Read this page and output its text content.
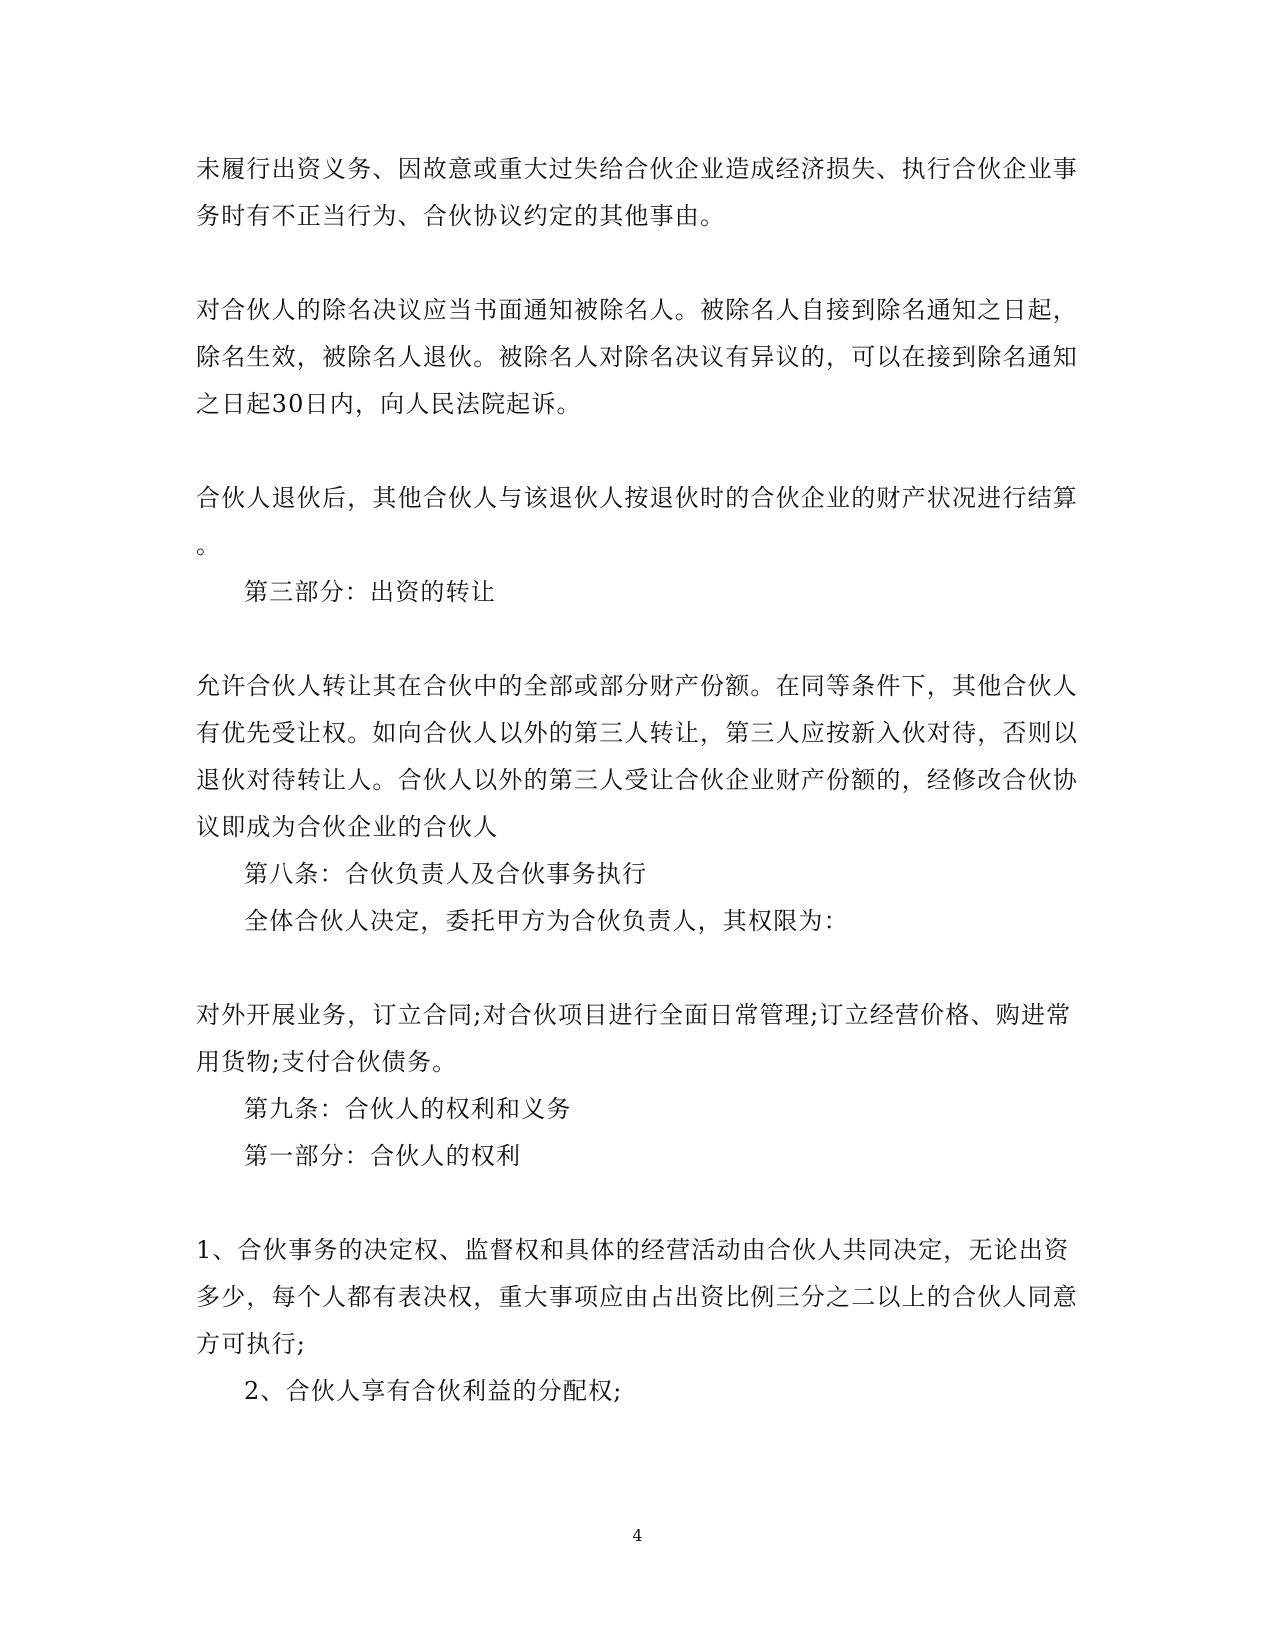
未履行出资义务、因故意或重大过失给合伙企业造成经济损失、执行合伙企业事
务时有不正当行为、合伙协议约定的其他事由。
对合伙人的除名决议应当书面通知被除名人。被除名人自接到除名通知之日起，
除名生效，被除名人退伙。被除名人对除名决议有异议的，可以在接到除名通知
之日起30日内，向人民法院起诉。
合伙人退伙后，其他合伙人与该退伙人按退伙时的合伙企业的财产状况进行结算
。
第三部分：出资的转让
允许合伙人转让其在合伙中的全部或部分财产份额。在同等条件下，其他合伙人
有优先受让权。如向合伙人以外的第三人转让，第三人应按新入伙对待，否则以
退伙对待转让人。合伙人以外的第三人受让合伙企业财产份额的，经修改合伙协
议即成为合伙企业的合伙人
第八条：合伙负责人及合伙事务执行
全体合伙人决定，委托甲方为合伙负责人，其权限为：
对外开展业务，订立合同;对合伙项目进行全面日常管理;订立经营价格、购进常
用货物;支付合伙债务。
第九条：合伙人的权利和义务
第一部分：合伙人的权利
1、合伙事务的决定权、监督权和具体的经营活动由合伙人共同决定，无论出资
多少，每个人都有表决权，重大事项应由占出资比例三分之二以上的合伙人同意
方可执行;
2、合伙人享有合伙利益的分配权;
4
